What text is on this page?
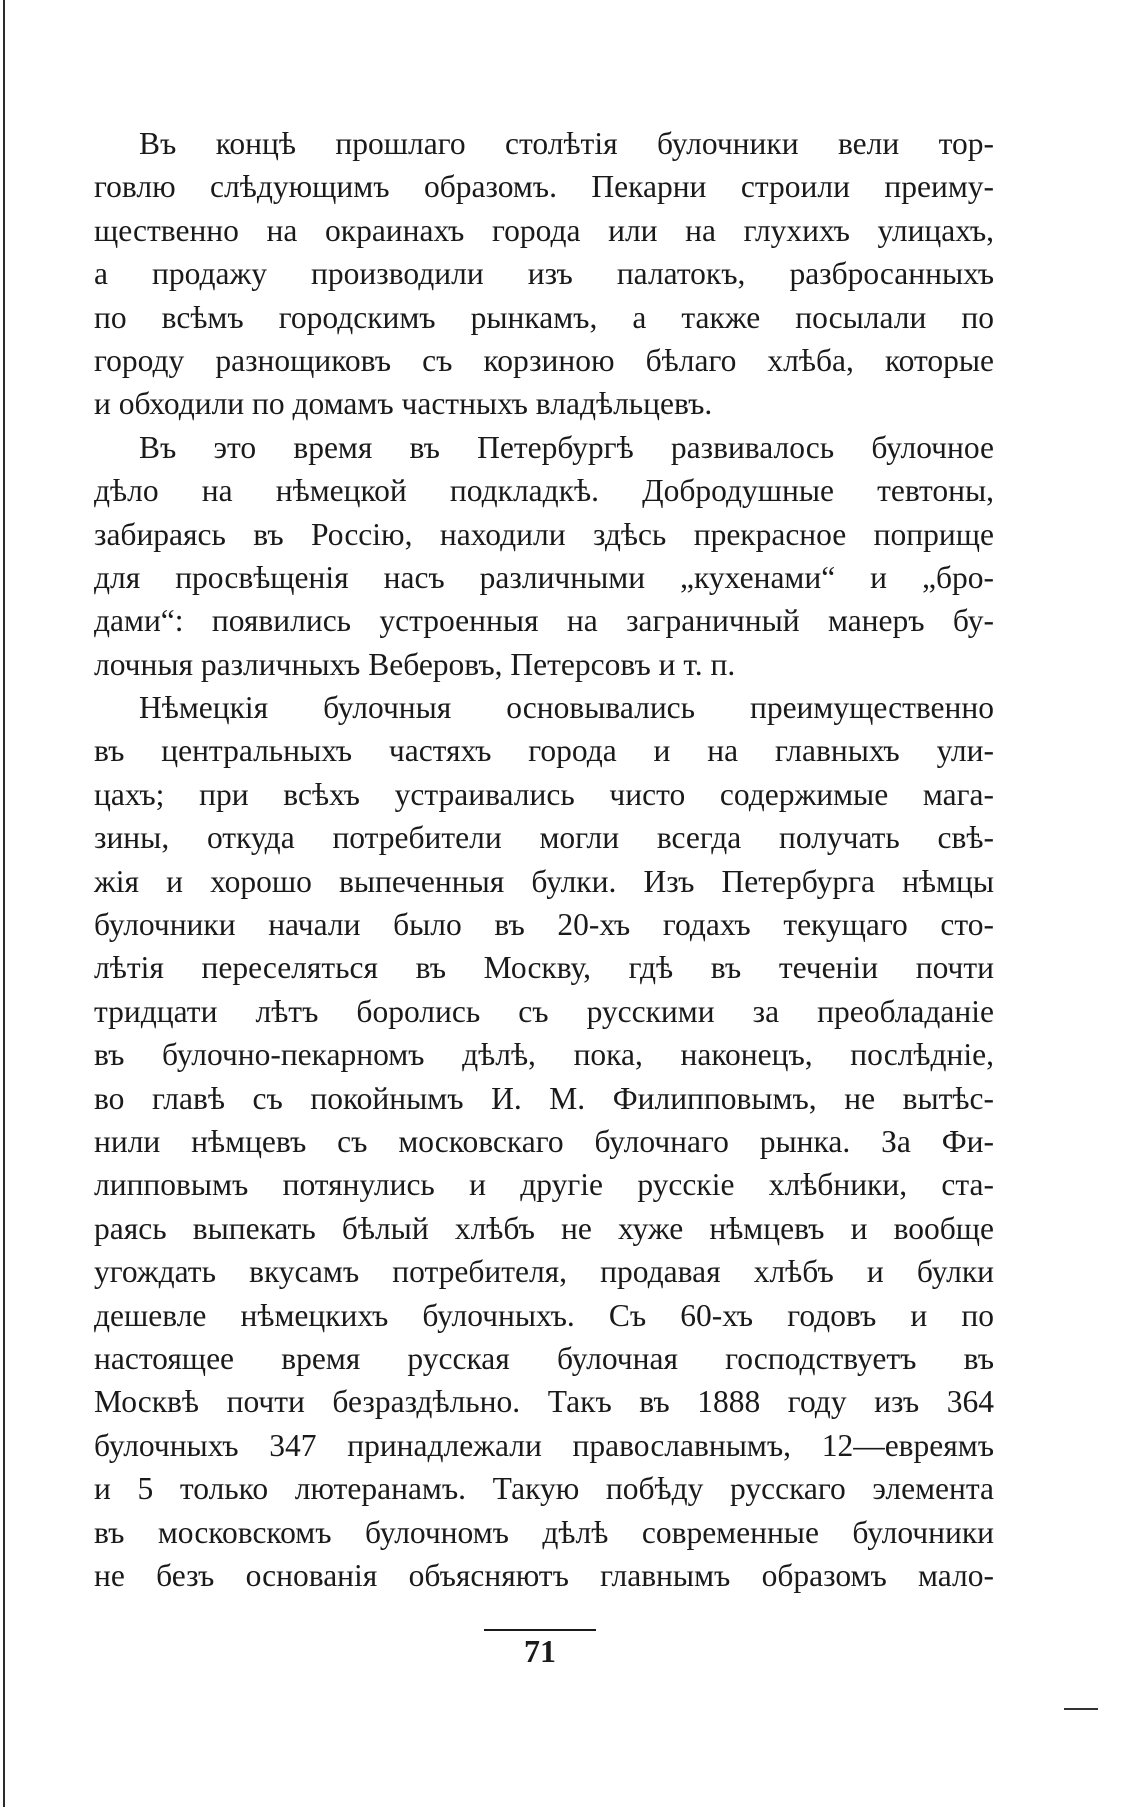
Въ концѣ прошлаго столѣтія булочники вели тор-
говлю слѣдующимъ образомъ. Пекарни строили преиму-
щественно на окраинахъ города или на глухихъ улицахъ,
а продажу производили изъ палатокъ, разбросанныхъ
по всѣмъ городскимъ рынкамъ, а также посылали по
городу разнощиковъ съ корзиною бѣлаго хлѣба, которые
и обходили по домамъ частныхъ владѣльцевъ.
Въ это время въ Петербургѣ развивалось булочное
дѣло на нѣмецкой подкладкѣ. Добродушные тевтоны,
забираясь въ Россію, находили здѣсь прекрасное поприще
для просвѣщенія насъ различными „кухенами“ и „бро-
дами“: появились устроенныя на заграничный манеръ бу-
лочныя различныхъ Веберовъ, Петерсовъ и т. п.
Нѣмецкія булочныя основывались преимущественно
въ центральныхъ частяхъ города и на главныхъ ули-
цахъ; при всѣхъ устраивались чисто содержимые мага-
зины, откуда потребители могли всегда получать свѣ-
жія и хорошо выпеченныя булки. Изъ Петербурга нѣмцы
булочники начали было въ 20-хъ годахъ текущаго сто-
лѣтія переселяться въ Москву, гдѣ въ теченіи почти
тридцати лѣтъ боролись съ русскими за преобладаніе
въ булочно-пекарномъ дѣлѣ, пока, наконецъ, послѣдніе,
во главѣ съ покойнымъ И. М. Филипповымъ, не вытѣс-
нили нѣмцевъ съ московскаго булочнаго рынка. За Фи-
липповымъ потянулись и другіе русскіе хлѣбники, ста-
раясь выпекать бѣлый хлѣбъ не хуже нѣмцевъ и вообще
угождать вкусамъ потребителя, продавая хлѣбъ и булки
дешевле нѣмецкихъ булочныхъ. Съ 60-хъ годовъ и по
настоящее время русская булочная господствуетъ въ
Москвѣ почти безраздѣльно. Такъ въ 1888 году изъ 364
булочныхъ 347 принадлежали православнымъ, 12—евреямъ
и 5 только лютеранамъ. Такую побѣду русскаго элемента
въ московскомъ булочномъ дѣлѣ современные булочники
не безъ основанія объясняютъ главнымъ образомъ мало-
71
